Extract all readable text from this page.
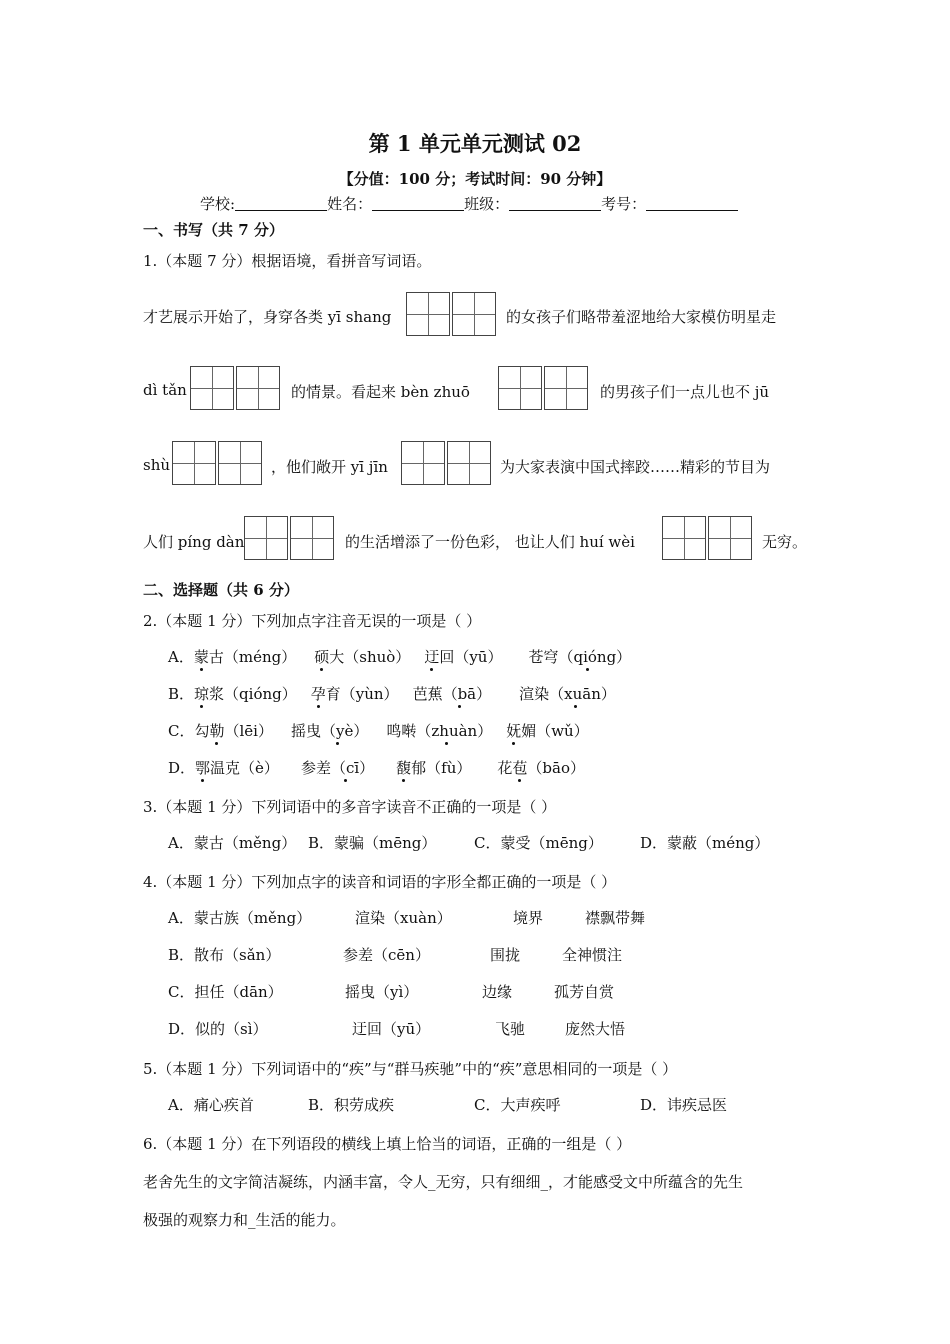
第 1 单元单元测试 02
【分值：100 分；考试时间：90 分钟】
学校:	姓名：	班级：	考号：
一、书写（共 7 分）
1.（本题 7 分）根据语境，看拼音写词语。
才艺展示开始了，身穿各类 yī shang	的女孩子们略带羞涩地给大家模仿明星走
dì tǎn	的情景。看起来 bèn zhuō	的男孩子们一点儿也不 jū
shù	，他们敞开 yī jīn	为大家表演中国式摔跤……精彩的节目为
人们 píng dàn	的生活增添了一份色彩， 也让人们 huí wèi	无穷。
二、选择题（共 6 分）
2.（本题 1 分）下列加点字注音无误的一项是（ ）
A．蒙古（méng） 硕大（shuò） 迂回（yū） 苍穹（qióng）
B．琼浆（qióng） 孕育（yùn） 芭蕉（bā） 渲染（xuān）
C．勾勒（lēi） 摇曳（yè） 鸣啭（zhuàn） 妩媚（wǔ）
D．鄂温克（è） 参差（cī） 馥郁（fù） 花苞（bāo）
3.（本题 1 分）下列词语中的多音字读音不正确的一项是（ ）
A．蒙古（měng） B．蒙骗（mēng）	C．蒙受（mēng） D．蒙蔽（méng）
4.（本题 1 分）下列加点字的读音和词语的字形全都正确的一项是（ ）
A．蒙古族（měng）	渲染（xuàn）	境界	襟飘带舞
B．散布（sǎn）	参差（cēn）	围拢	全神惯注
C．担任（dān）	摇曳（yì）	边缘	孤芳自赏
D．似的（sì）	迂回（yū）	飞驰	庞然大悟
5.（本题 1 分）下列词语中的“疾”与“群马疾驰”中的“疾”意思相同的一项是（ ）
A．痛心疾首	B．积劳成疾	C．大声疾呼	D．讳疾忌医
6.（本题 1 分）在下列语段的横线上填上恰当的词语，正确的一组是（ ）
老舍先生的文字简洁凝练，内涵丰富，令人_无穷，只有细细_，才能感受文中所蕴含的先生
极强的观察力和_生活的能力。
